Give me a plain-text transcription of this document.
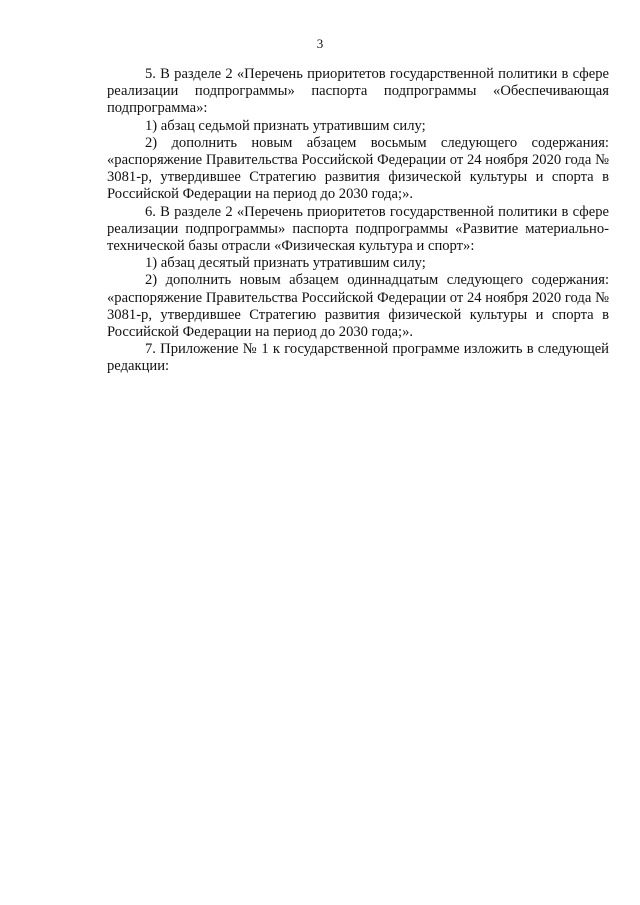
3

5. В разделе 2 «Перечень приоритетов государственной политики в сфере реализации подпрограммы» паспорта подпрограммы «Обеспечивающая подпрограмма»:

1) абзац седьмой признать утратившим силу;

2) дополнить новым абзацем восьмым следующего содержания: «распоряжение Правительства Российской Федерации от 24 ноября 2020 года № 3081-р, утвердившее Стратегию развития физической культуры и спорта в Российской Федерации на период до 2030 года;».

6. В разделе 2 «Перечень приоритетов государственной политики в сфере реализации подпрограммы» паспорта подпрограммы «Развитие материально-технической базы отрасли «Физическая культура и спорт»:

1) абзац десятый признать утратившим силу;

2) дополнить новым абзацем одиннадцатым следующего содержания: «распоряжение Правительства Российской Федерации от 24 ноября 2020 года № 3081-р, утвердившее Стратегию развития физической культуры и спорта в Российской Федерации на период до 2030 года;».

7. Приложение № 1 к государственной программе изложить в следующей редакции:
